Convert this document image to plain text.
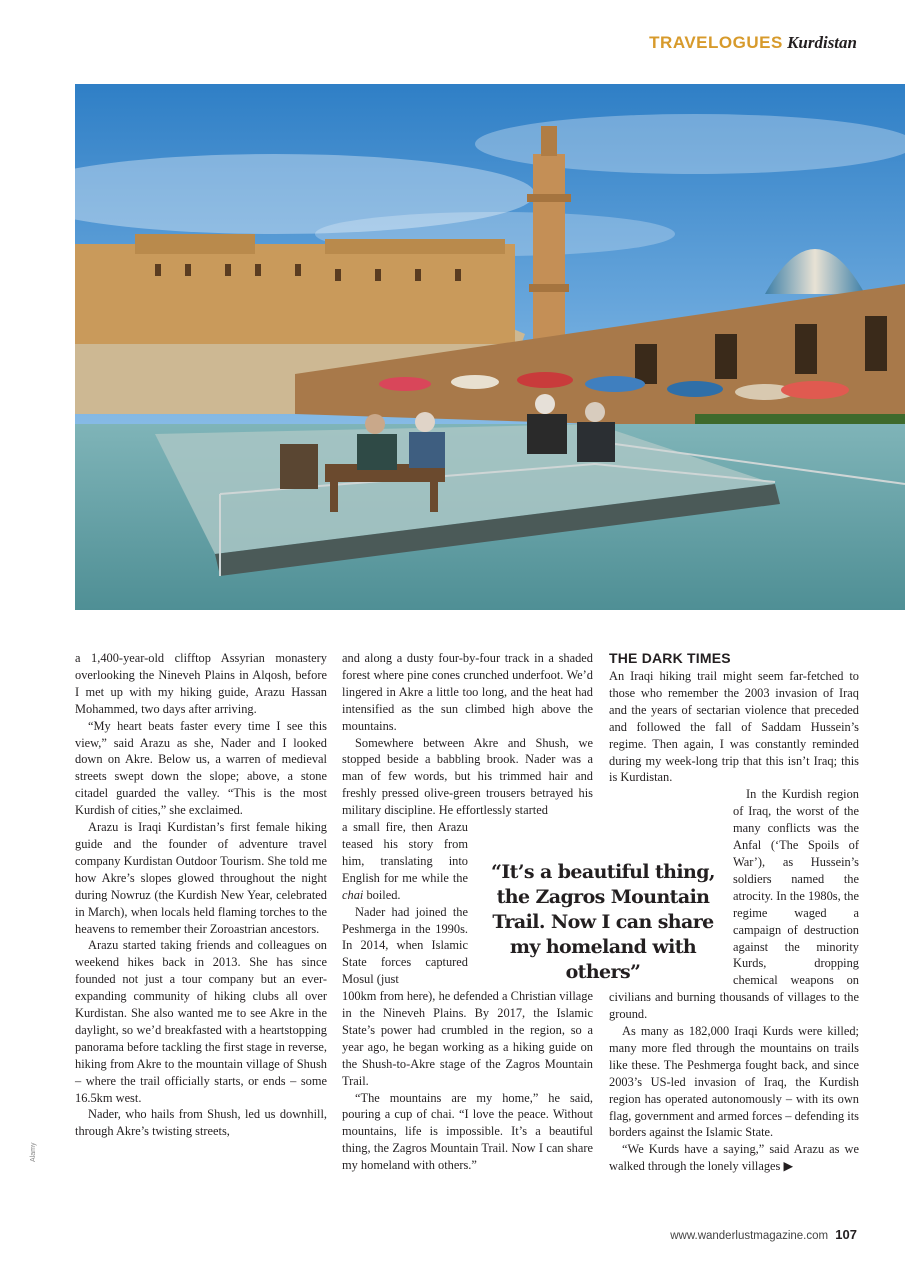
TRAVELOGUES Kurdistan
Alamy

a 1,400-year-old clifftop Assyrian monastery overlooking the Nineveh Plains in Alqosh, before I met up with my hiking guide, Arazu Hassan Mohammed, two days after arriving.

“My heart beats faster every time I see this view,” said Arazu as she, Nader and I looked down on Akre. Below us, a warren of medieval streets swept down the slope; above, a stone citadel guarded the valley. “This is the most Kurdish of cities,” she exclaimed.

Arazu is Iraqi Kurdistan’s first female hiking guide and the founder of adventure travel company Kurdistan Outdoor Tourism. She told me how Akre’s slopes glowed throughout the night during Nowruz (the Kurdish New Year, celebrated in March), when locals held flaming torches to the heavens to remember their Zoroastrian ancestors.

Arazu started taking friends and colleagues on weekend hikes back in 2013. She has since founded not just a tour company but an ever-expanding community of hiking clubs all over Kurdistan. She also wanted me to see Akre in the daylight, so we’d breakfasted with a heartstopping panorama before tackling the first stage in reverse, hiking from Akre to the mountain village of Shush – where the trail officially starts, or ends – some 16.5km west.

Nader, who hails from Shush, led us downhill, through Akre’s twisting streets,

and along a dusty four-by-four track in a shaded forest where pine cones crunched underfoot. We’d lingered in Akre a little too long, and the heat had intensified as the sun climbed high above the mountains.

Somewhere between Akre and Shush, we stopped beside a babbling brook. Nader was a man of few words, but his trimmed hair and freshly pressed olive-green trousers betrayed his military discipline. He effortlessly started

a small fire, then Arazu teased his story from him, translating into English for me while the chai boiled.

Nader had joined the Peshmerga in the 1990s. In 2014, when Islamic State forces captured Mosul (just

100km from here), he defended a Christian village in the Nineveh Plains. By 2017, the Islamic State’s power had crumbled in the region, so a year ago, he began working as a hiking guide on the Shush-to-Akre stage of the Zagros Mountain Trail.

“The mountains are my home,” he said, pouring a cup of chai. “I love the peace. Without mountains, life is impossible. It’s a beautiful thing, the Zagros Mountain Trail. Now I can share my homeland with others.”

“It’s a beautiful thing, the Zagros Mountain Trail. Now I can share my homeland with others”
THE DARK TIMES

An Iraqi hiking trail might seem far-fetched to those who remember the 2003 invasion of Iraq and the years of sectarian violence that preceded and followed the fall of Saddam Hussein’s regime. Then again, I was constantly reminded during my week-long trip that this isn’t Iraq; this is Kurdistan.

In the Kurdish region of Iraq, the worst of the many conflicts was the Anfal (‘The Spoils of War’), as Hussein’s soldiers named the atrocity. In the 1980s, the regime waged a campaign of destruction against the minority Kurds, dropping chemical weapons on civilians and burning thousands of villages to the ground.

As many as 182,000 Iraqi Kurds were killed; many more fled through the mountains on trails like these. The Peshmerga fought back, and since 2003’s US-led invasion of Iraq, the Kurdish region has operated autonomously – with its own flag, government and armed forces – defending its borders against the Islamic State.

“We Kurds have a saying,” said Arazu as we walked through the lonely villages ▶

www.wanderlustmagazine.com 107
